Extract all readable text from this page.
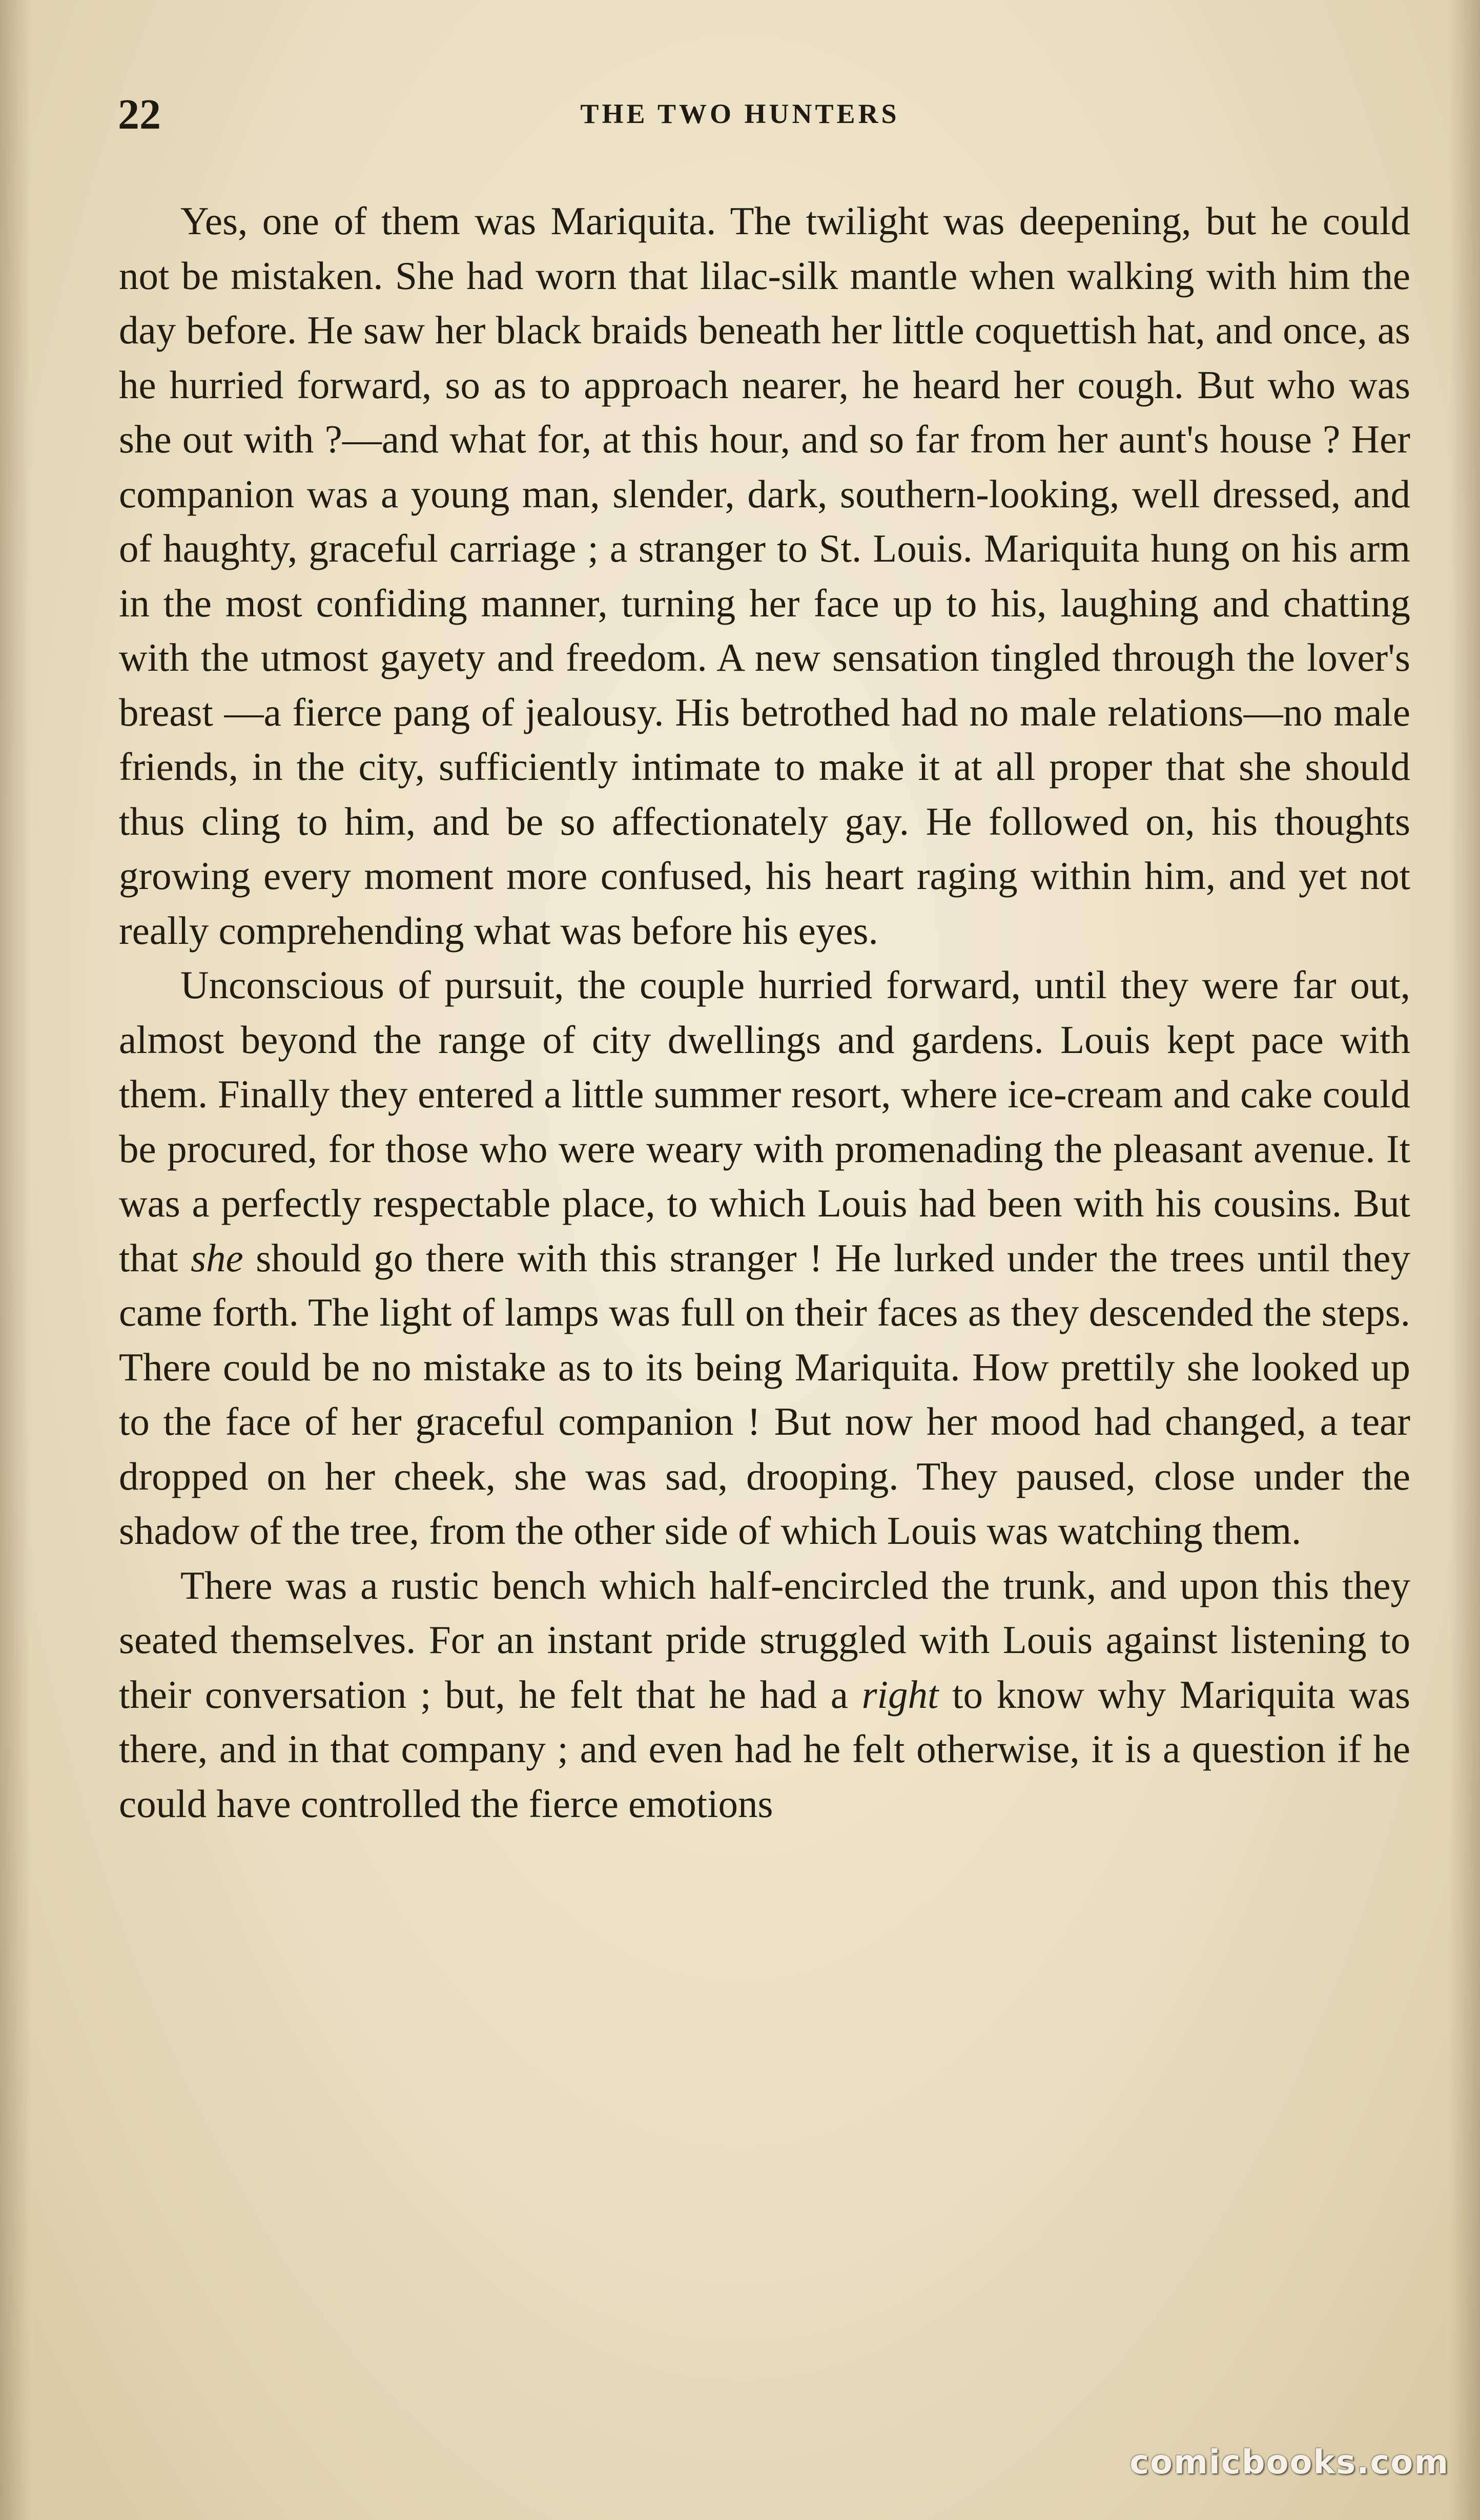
22	THE TWO HUNTERS

Yes, one of them was Mariquita. The twilight was deepening, but he could not be mistaken. She had worn that lilac-silk mantle when walking with him the day before. He saw her black braids beneath her little coquettish hat, and once, as he hurried forward, so as to approach nearer, he heard her cough. But who was she out with ?—and what for, at this hour, and so far from her aunt's house ? Her companion was a young man, slender, dark, southern-looking, well dressed, and of haughty, graceful carriage ; a stranger to St. Louis. Mariquita hung on his arm in the most confiding manner, turning her face up to his, laughing and chatting with the utmost gayety and freedom. A new sensation tingled through the lover's breast —a fierce pang of jealousy. His betrothed had no male relations—no male friends, in the city, sufficiently intimate to make it at all proper that she should thus cling to him, and be so affectionately gay. He followed on, his thoughts growing every moment more confused, his heart raging within him, and yet not really comprehending what was before his eyes.

Unconscious of pursuit, the couple hurried forward, until they were far out, almost beyond the range of city dwellings and gardens. Louis kept pace with them. Finally they entered a little summer resort, where ice-cream and cake could be procured, for those who were weary with promenading the pleasant avenue. It was a perfectly respectable place, to which Louis had been with his cousins. But that she should go there with this stranger ! He lurked under the trees until they came forth. The light of lamps was full on their faces as they descended the steps. There could be no mistake as to its being Mariquita. How prettily she looked up to the face of her graceful companion ! But now her mood had changed, a tear dropped on her cheek, she was sad, drooping. They paused, close under the shadow of the tree, from the other side of which Louis was watching them.

There was a rustic bench which half-encircled the trunk, and upon this they seated themselves. For an instant pride struggled with Louis against listening to their conversation ; but, he felt that he had a right to know why Mariquita was there, and in that company ; and even had he felt otherwise, it is a question if he could have controlled the fierce emotions

comicbooks.com
